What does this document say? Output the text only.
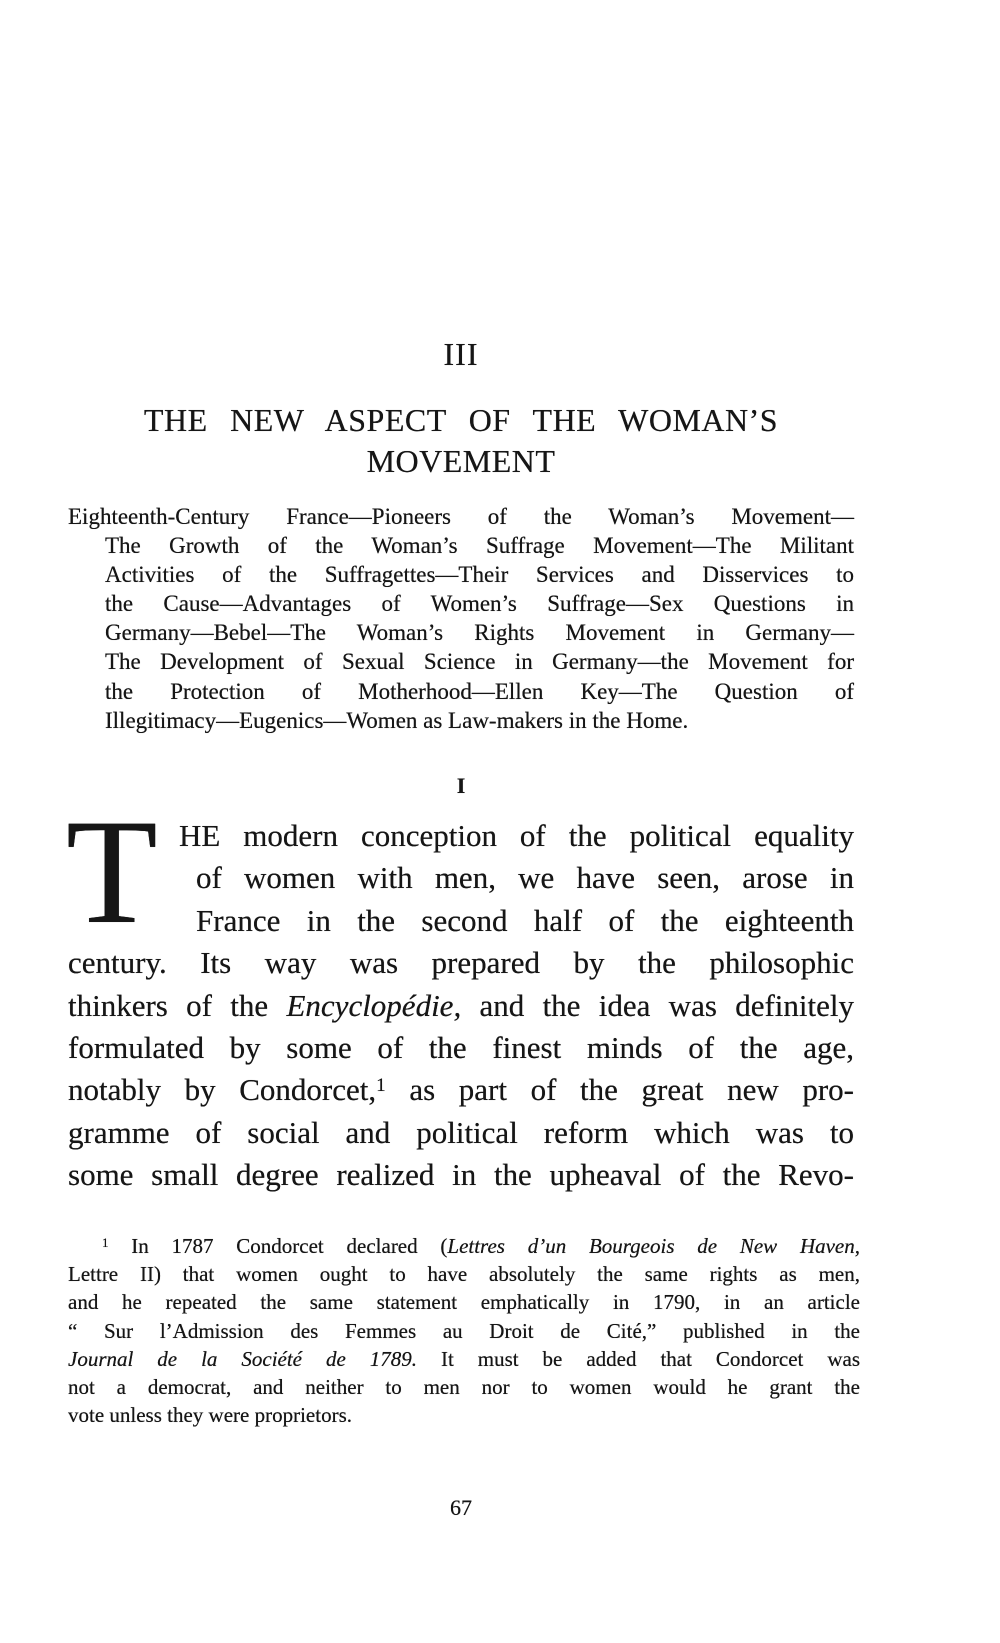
III
THE NEW ASPECT OF THE WOMAN’S
MOVEMENT
Eighteenth-Century France—Pioneers of the Woman’s Movement—
The Growth of the Woman’s Suffrage Movement—The Militant
Activities of the Suffragettes—Their Services and Disservices to
the Cause—Advantages of Women’s Suffrage—Sex Questions in
Germany—Bebel—The Woman’s Rights Movement in Germany—
The Development of Sexual Science in Germany—the Movement for
the Protection of Motherhood—Ellen Key—The Question of
Illegitimacy—Eugenics—Women as Law-makers in the Home.
I
T HE modern conception of the political equality
of women with men, we have seen, arose in
France in the second half of the eighteenth
century. Its way was prepared by the philosophic
thinkers of the Encyclopédie, and the idea was definitely
formulated by some of the finest minds of the age,
notably by Condorcet,$^1$ as part of the great new pro-
gramme of social and political reform which was to
some small degree realized in the upheaval of the Revo-
$^1$ In 1787 Condorcet declared (Lettres d’un Bourgeois de New Haven,
Lettre II) that women ought to have absolutely the same rights as men,
and he repeated the same statement emphatically in 1790, in an article
“ Sur l’Admission des Femmes au Droit de Cité,” published in the
Journal de la Société de 1789. It must be added that Condorcet was
not a democrat, and neither to men nor to women would he grant the
vote unless they were proprietors.
67
